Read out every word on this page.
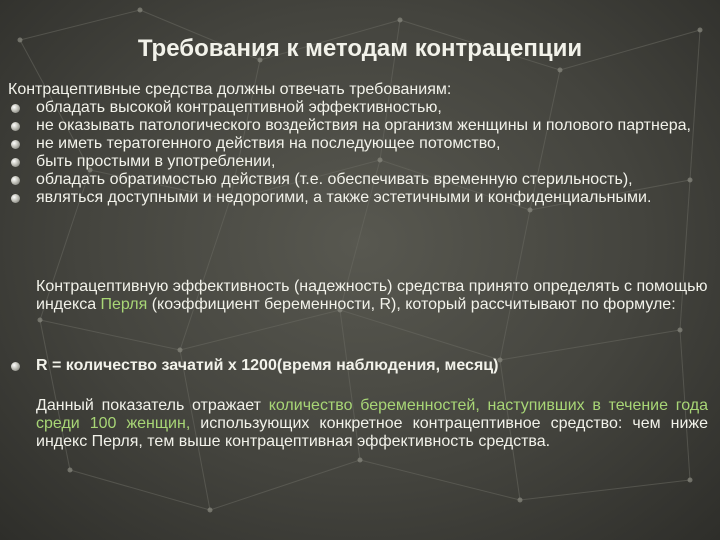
Требования к методам контрацепции
Контрацептивные средства должны отвечать требованиям:
обладать высокой контрацептивной эффективностью,
не оказывать патологического воздействия на организм женщины и полового партнера,
не иметь тератогенного действия на последующее потомство,
быть простыми в употреблении,
обладать обратимостью действия (т.е. обеспечивать временную стерильность),
являться доступными и недорогими, а также эстетичными и конфиденциальными.
Контрацептивную эффективность (надежность) средства принято определять с помощью индекса Перля (коэффициент беременности, R), который рассчитывают по формуле:
R = количество зачатий х 1200(время наблюдения, месяц)
Данный показатель отражает количество беременностей, наступивших в течение года среди 100 женщин, использующих конкретное контрацептивное средство: чем ниже индекс Перля, тем выше контрацептивная эффективность средства.
